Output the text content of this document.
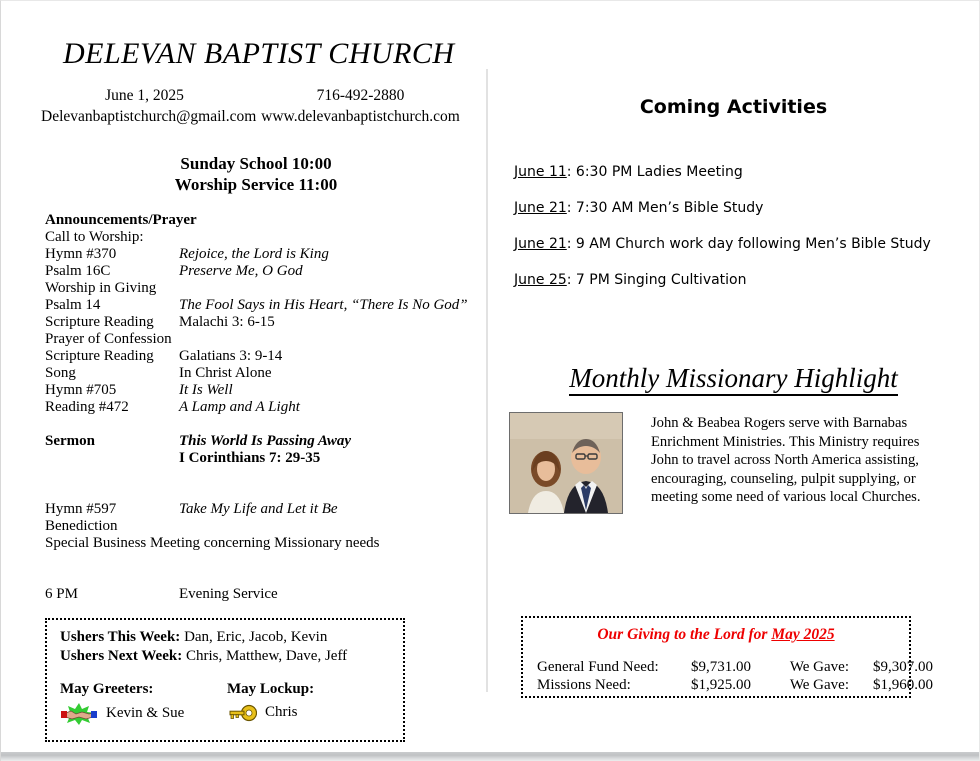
DELEVAN BAPTIST CHURCH
June 1, 2025	716-492-2880
Delevanbaptistchurch@gmail.com www.delevanbaptistchurch.com
Sunday School 10:00
Worship Service 11:00
Announcements/Prayer
Call to Worship:
Hymn #370	Rejoice, the Lord is King
Psalm 16C	Preserve Me, O God
Worship in Giving
Psalm 14	The Fool Says in His Heart, “There Is No God”
Scripture Reading	Malachi 3: 6-15
Prayer of Confession
Scripture Reading	Galatians 3: 9-14
Song	In Christ Alone
Hymn #705	It Is Well
Reading #472	A Lamp and A Light
Sermon	This World Is Passing Away
I Corinthians 7: 29-35
Hymn #597	Take My Life and Let it Be
Benediction
Special Business Meeting concerning Missionary needs
6 PM	Evening Service
Ushers This Week: Dan, Eric, Jacob, Kevin
Ushers Next Week: Chris, Matthew, Dave, Jeff
May Greeters:
Kevin & Sue
May Lockup:
Chris
Coming Activities
June 11: 6:30 PM Ladies Meeting
June 21: 7:30 AM Men’s Bible Study
June 21: 9 AM Church work day following Men’s Bible Study
June 25: 7 PM Singing Cultivation
Monthly Missionary Highlight
John & Beabea Rogers serve with Barnabas Enrichment Ministries. This Ministry requires John to travel across North America assisting, encouraging, counseling, pulpit supplying, or meeting some need of various local Churches.
Our Giving to the Lord for May 2025
General Fund Need:	$9,731.00	We Gave:	$9,307.00
Missions Need:	$1,925.00	We Gave:	$1,960.00
